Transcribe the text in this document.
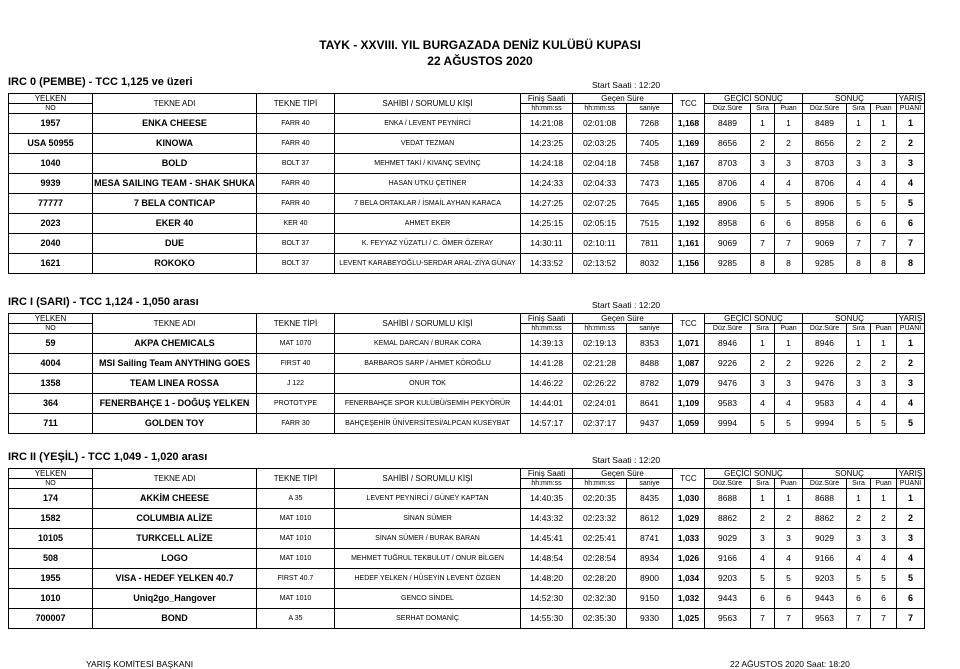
TAYK - XXVIII. YIL BURGAZADA DENİZ KULÜBÜ KUPASI
22 AĞUSTOS 2020
IRC 0 (PEMBE) - TCC 1,125 ve üzeri	Start Saati : 12:20
YELKEN	TEKNE ADI	TEKNE TİPİ	SAHİBİ / SORUMLU KİŞİ	Finiş Saati	Geçen Süre		TCC	GEÇİCİ SONUÇ			SONUÇ			YARIŞ
NO				hh:mm:ss	hh:mm:ss	saniye		Düz.Süre	Sıra	Puan	Düz.Süre	Sıra	Puan	PUANI
1957	ENKA CHEESE	FARR 40	ENKA / LEVENT PEYNİRCİ	14:21:08	02:01:08	7268	1,168	8489	1	1	8489	1	1	1
USA 50955	KINOWA	FARR 40	VEDAT TEZMAN	14:23:25	02:03:25	7405	1,169	8656	2	2	8656	2	2	2
1040	BOLD	BOLT 37	MEHMET TAKİ / KIVANÇ SEVİNÇ	14:24:18	02:04:18	7458	1,167	8703	3	3	8703	3	3	3
9939	MESA SAILING TEAM - SHAK SHUKA	FARR 40	HASAN UTKU ÇETİNER	14:24:33	02:04:33	7473	1,165	8706	4	4	8706	4	4	4
77777	7 BELA CONTICAP	FARR 40	7 BELA ORTAKLAR / İSMAİL AYHAN KARACA	14:27:25	02:07:25	7645	1,165	8906	5	5	8906	5	5	5
2023	EKER 40	KER 40	AHMET EKER	14:25:15	02:05:15	7515	1,192	8958	6	6	8958	6	6	6
2040	DUE	BOLT 37	K. FEYYAZ YÜZATLI / C. ÖMER ÖZERAY	14:30:11	02:10:11	7811	1,161	9069	7	7	9069	7	7	7
1621	ROKOKO	BOLT 37	LEVENT KARABEYOĞLU-SERDAR ARAL-ZİYA GÜNAY	14:33:52	02:13:52	8032	1,156	9285	8	8	9285	8	8	8
IRC I (SARI) - TCC 1,124 - 1,050 arası	Start Saati : 12:20
YELKEN	TEKNE ADI	TEKNE TİPİ	SAHİBİ / SORUMLU KİŞİ	Finiş Saati	Geçen Süre		TCC	GEÇİCİ SONUÇ			SONUÇ			YARIŞ
NO				hh:mm:ss	hh:mm:ss	saniye		Düz.Süre	Sıra	Puan	Düz.Süre	Sıra	Puan	PUANI
59	AKPA CHEMICALS	MAT 1070	KEMAL DARCAN / BURAK CORA	14:39:13	02:19:13	8353	1,071	8946	1	1	8946	1	1	1
4004	MSI Sailing Team ANYTHING GOES	FIRST 40	BARBAROS SARP / AHMET KÖROĞLU	14:41:28	02:21:28	8488	1,087	9226	2	2	9226	2	2	2
1358	TEAM LINEA ROSSA	J 122	ONUR TOK	14:46:22	02:26:22	8782	1,079	9476	3	3	9476	3	3	3
364	FENERBAHÇE 1 - DOĞUŞ YELKEN	PROTOTYPE	FENERBAHÇE SPOR KULÜBÜ/SEMİH PEKYÖRÜR	14:44:01	02:24:01	8641	1,109	9583	4	4	9583	4	4	4
711	GOLDEN TOY	FARR 30	BAHÇEŞEHİR ÜNİVERSİTESİ/ALPCAN KUSEYBAT	14:57:17	02:37:17	9437	1,059	9994	5	5	9994	5	5	5
IRC II (YEŞİL) - TCC 1,049 - 1,020 arası	Start Saati : 12:20
YELKEN	TEKNE ADI	TEKNE TİPİ	SAHİBİ / SORUMLU KİŞİ	Finiş Saati	Geçen Süre		TCC	GEÇİCİ SONUÇ			SONUÇ			YARIŞ
NO				hh:mm:ss	hh:mm:ss	saniye		Düz.Süre	Sıra	Puan	Düz.Süre	Sıra	Puan	PUANI
174	AKKİM CHEESE	A 35	LEVENT PEYNİRCİ / GÜNEY KAPTAN	14:40:35	02:20:35	8435	1,030	8688	1	1	8688	1	1	1
1582	COLUMBIA ALİZE	MAT 1010	SİNAN SÜMER	14:43:32	02:23:32	8612	1,029	8862	2	2	8862	2	2	2
10105	TURKCELL ALİZE	MAT 1010	SİNAN SÜMER / BURAK BARAN	14:45:41	02:25:41	8741	1,033	9029	3	3	9029	3	3	3
508	LOGO	MAT 1010	MEHMET TUĞRUL TEKBULUT / ONUR BİLGEN	14:48:54	02:28:54	8934	1,026	9166	4	4	9166	4	4	4
1955	VISA - HEDEF YELKEN 40.7	FIRST 40.7	HEDEF YELKEN / HÜSEYİN LEVENT ÖZGEN	14:48:20	02:28:20	8900	1,034	9203	5	5	9203	5	5	5
1010	Uniq2go_Hangover	MAT 1010	GENCO SİNDEL	14:52:30	02:32:30	9150	1,032	9443	6	6	9443	6	6	6
700007	BOND	A 35	SERHAT DOMANİÇ	14:55:30	02:35:30	9330	1,025	9563	7	7	9563	7	7	7
YARIŞ KOMİTESİ BAŞKANI	22 AĞUSTOS 2020 Saat: 18:20
